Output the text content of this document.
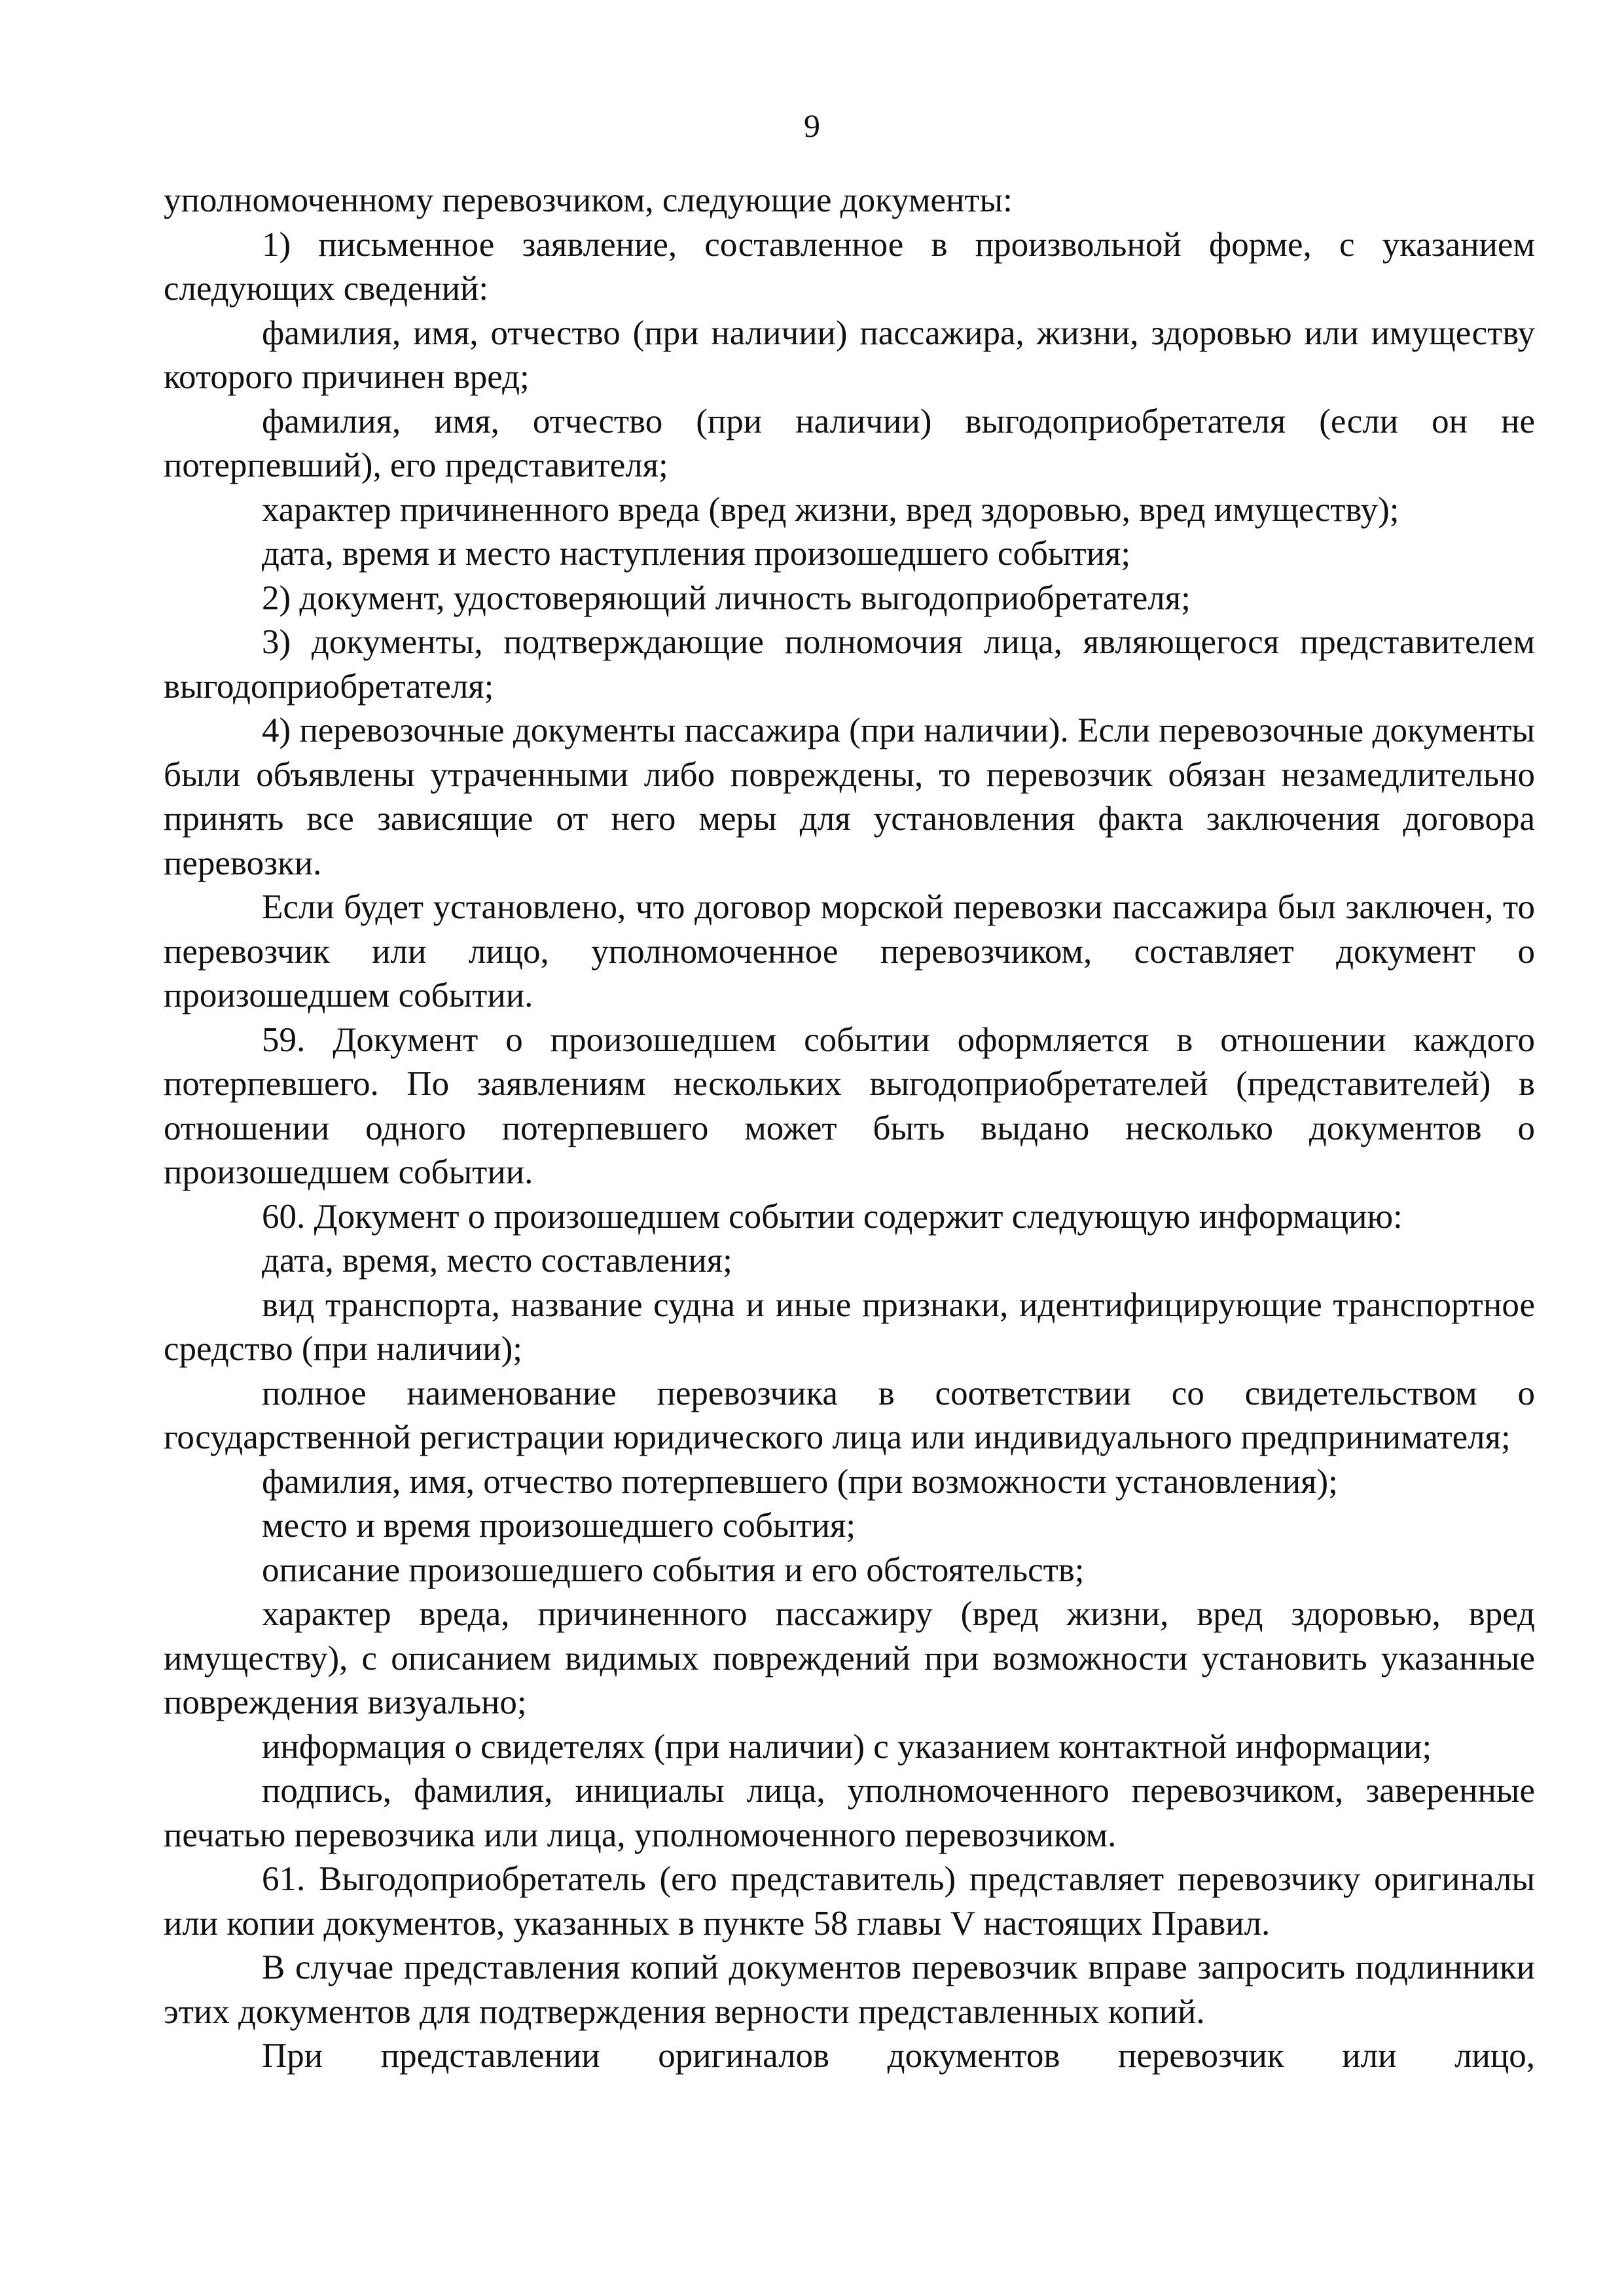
9

уполномоченному перевозчиком, следующие документы:

1) письменное заявление, составленное в произвольной форме, с указанием следующих сведений:

фамилия, имя, отчество (при наличии) пассажира, жизни, здоровью или имуществу которого причинен вред;

фамилия, имя, отчество (при наличии) выгодоприобретателя (если он не потерпевший), его представителя;

характер причиненного вреда (вред жизни, вред здоровью, вред имуществу);

дата, время и место наступления произошедшего события;

2) документ, удостоверяющий личность выгодоприобретателя;

3) документы, подтверждающие полномочия лица, являющегося представителем выгодоприобретателя;

4) перевозочные документы пассажира (при наличии). Если перевозочные документы были объявлены утраченными либо повреждены, то перевозчик обязан незамедлительно принять все зависящие от него меры для установления факта заключения договора перевозки.

Если будет установлено, что договор морской перевозки пассажира был заключен, то перевозчик или лицо, уполномоченное перевозчиком, составляет документ о произошедшем событии.

59. Документ о произошедшем событии оформляется в отношении каждого потерпевшего. По заявлениям нескольких выгодоприобретателей (представителей) в отношении одного потерпевшего может быть выдано несколько документов о произошедшем событии.

60. Документ о произошедшем событии содержит следующую информацию:

дата, время, место составления;

вид транспорта, название судна и иные признаки, идентифицирующие транспортное средство (при наличии);

полное наименование перевозчика в соответствии со свидетельством о государственной регистрации юридического лица или индивидуального предпринимателя;

фамилия, имя, отчество потерпевшего (при возможности установления);

место и время произошедшего события;

описание произошедшего события и его обстоятельств;

характер вреда, причиненного пассажиру (вред жизни, вред здоровью, вред имуществу), с описанием видимых повреждений при возможности установить указанные повреждения визуально;

информация о свидетелях (при наличии) с указанием контактной информации;

подпись, фамилия, инициалы лица, уполномоченного перевозчиком, заверенные печатью перевозчика или лица, уполномоченного перевозчиком.

61. Выгодоприобретатель (его представитель) представляет перевозчику оригиналы или копии документов, указанных в пункте 58 главы V настоящих Правил.

В случае представления копий документов перевозчик вправе запросить подлинники этих документов для подтверждения верности представленных копий.

При представлении оригиналов документов перевозчик или лицо,
